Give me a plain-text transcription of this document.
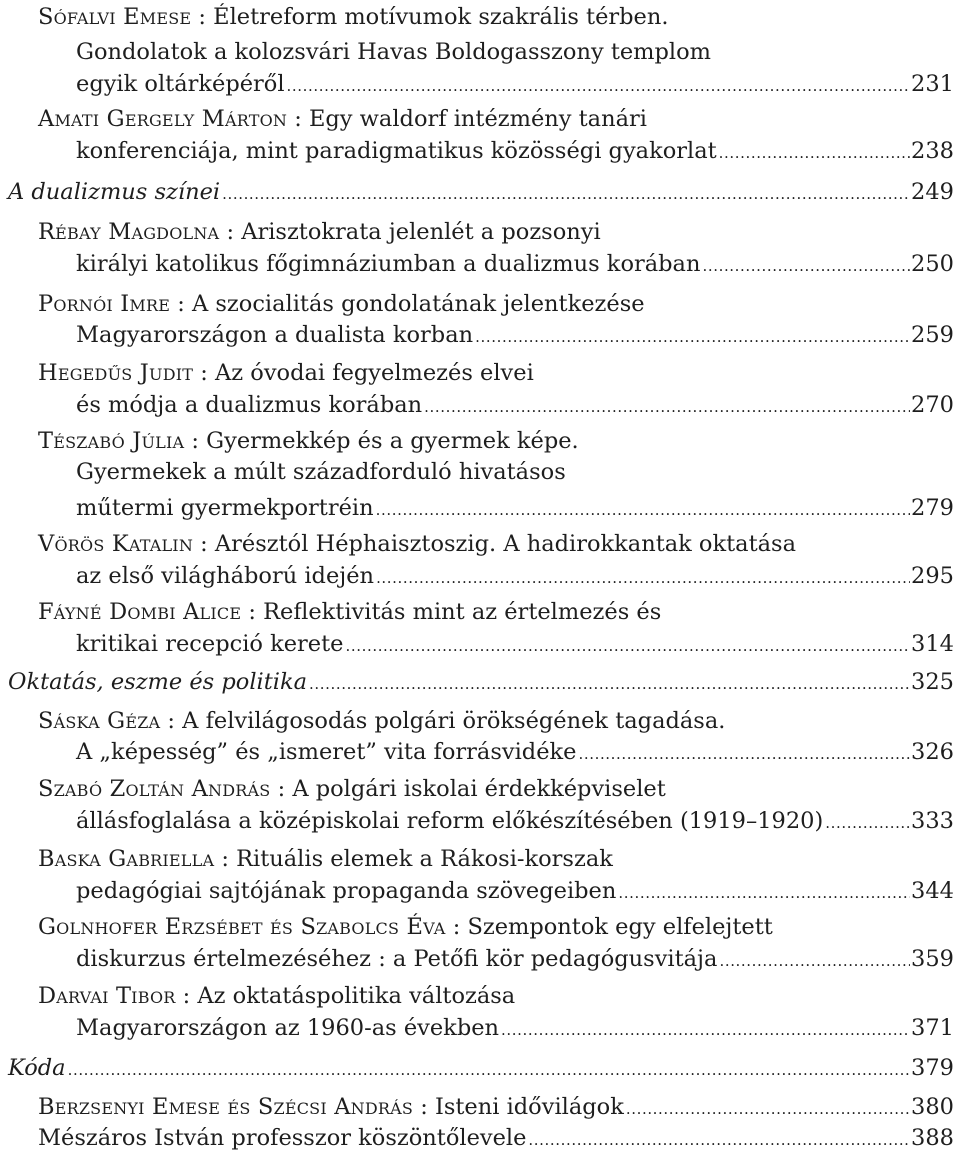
Sófalvi Emese : Életreform motívumok szakrális térben.
Gondolatok a kolozsvári Havas Boldogasszony templom
egyik oltárképéről .....	231
Amati Gergely Márton : Egy waldorf intézmény tanári
konferenciája, mint paradigmatikus közösségi gyakorlat .....	238
A dualizmus színei .....	249
Rébay Magdolna : Arisztokrata jelenlét a pozsonyi
királyi katolikus főgimnáziumban a dualizmus korában .....	250
Pornói Imre : A szocialitás gondolatának jelentkezése
Magyarországon a dualista korban .....	259
Hegedűs Judit : Az óvodai fegyelmezés elvei
és módja a dualizmus korában .....	270
Tészabó Júlia : Gyermekkép és a gyermek képe.
Gyermekek a múlt századforduló hivatásos
műtermi gyermekportréin .....	279
Vörös Katalin : Arésztól Héphaisztoszig. A hadirokkantak oktatása
az első világháború idején .....	295
Fáyné Dombi Alice : Reflektivitás mint az értelmezés és
kritikai recepció kerete .....	314
Oktatás, eszme és politika .....	325
Sáska Géza : A felvilágosodás polgári örökségének tagadása.
A „képesség” és „ismeret” vita forrásvidéke .....	326
Szabó Zoltán András : A polgári iskolai érdekképviselet
állásfoglalása a középiskolai reform előkészítésében (1919–1920) .....	333
Baska Gabriella : Rituális elemek a Rákosi-korszak
pedagógiai sajtójának propaganda szövegeiben .....	344
Golnhofer Erzsébet és Szabolcs Éva : Szempontok egy elfelejtett
diskurzus értelmezéséhez : a Petőfi kör pedagógusvitája .....	359
Darvai Tibor : Az oktatáspolitika változása
Magyarországon az 1960-as években .....	371
Kóda .....	379
Berzsenyi Emese és Szécsi András : Isteni idővilágok .....	380
Mészáros István professzor köszöntőlevele .....	388
